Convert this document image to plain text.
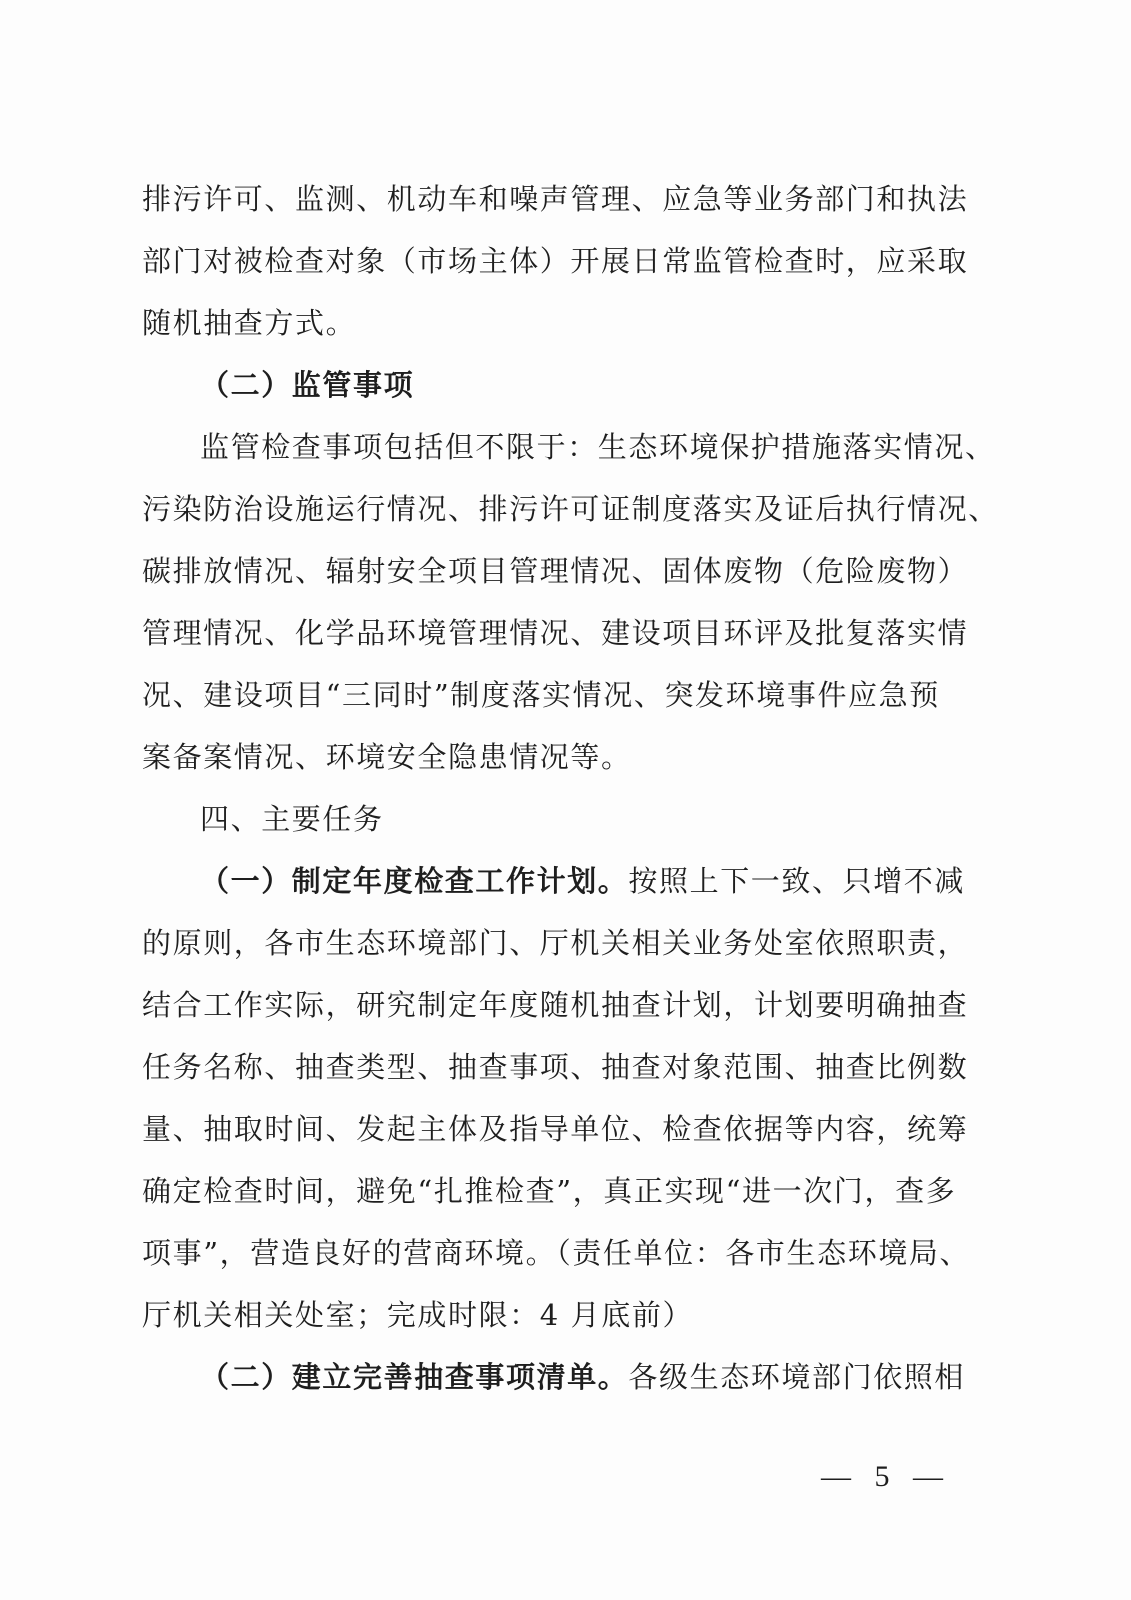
排污许可、监测、机动车和噪声管理、应急等业务部门和执法
部门对被检查对象（市场主体）开展日常监管检查时，应采取
随机抽查方式。
（二）监管事项
监管检查事项包括但不限于：生态环境保护措施落实情况、
污染防治设施运行情况、排污许可证制度落实及证后执行情况、
碳排放情况、辐射安全项目管理情况、固体废物（危险废物）
管理情况、化学品环境管理情况、建设项目环评及批复落实情
况、建设项目“三同时”制度落实情况、突发环境事件应急预
案备案情况、环境安全隐患情况等。
四、主要任务
（一）制定年度检查工作计划。按照上下一致、只增不减
的原则，各市生态环境部门、厅机关相关业务处室依照职责，
结合工作实际，研究制定年度随机抽查计划，计划要明确抽查
任务名称、抽查类型、抽查事项、抽查对象范围、抽查比例数
量、抽取时间、发起主体及指导单位、检查依据等内容，统筹
确定检查时间，避免“扎推检查”，真正实现“进一次门，查多
项事”，营造良好的营商环境。（责任单位：各市生态环境局、
厅机关相关处室；完成时限：4 月底前）
（二）建立完善抽查事项清单。各级生态环境部门依照相
— 5 —
